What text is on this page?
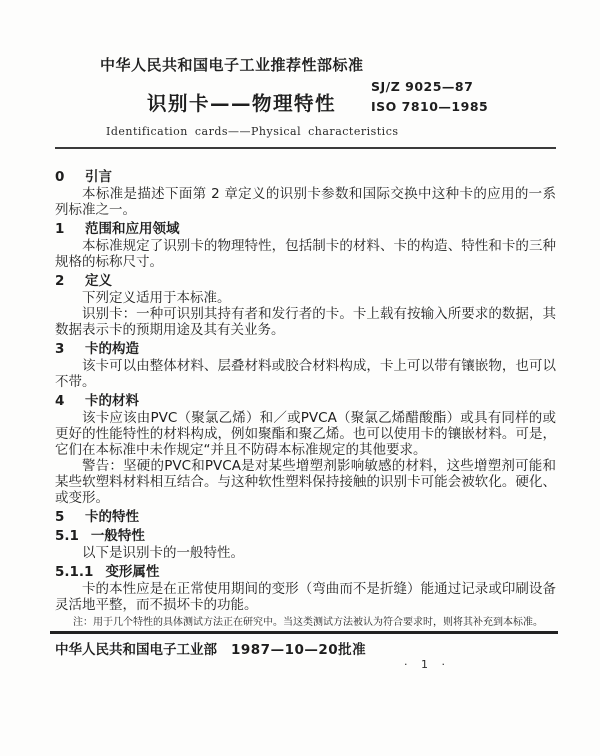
中华人民共和国电子工业推荐性部标准
识别卡——物理特性
SJ/Z 9025—87
ISO 7810—1985
Identification cards——Physical characteristics
0 引言

本标准是描述下面第 2 章定义的识别卡参数和国际交换中这种卡的应用的一系列标准之一。

1 范围和应用领域

本标准规定了识别卡的物理特性，包括制卡的材料、卡的构造、特性和卡的三种规格的标称尺寸。

2 定义

下列定义适用于本标准。

识别卡：一种可识别其持有者和发行者的卡。卡上载有按输入所要求的数据，其数据表示卡的预期用途及其有关业务。

3 卡的构造

该卡可以由整体材料、层叠材料或胶合材料构成，卡上可以带有镶嵌物，也可以不带。

4 卡的材料

该卡应该由PVC（聚氯乙烯）和／或PVCA（聚氯乙烯醋酸酯）或具有同样的或更好的性能特性的材料构成，例如聚酯和聚乙烯。也可以使用卡的镶嵌材料。可是，它们在本标准中未作规定“并且不防碍本标准规定的其他要求。

警告：坚硬的PVC和PVCA是对某些增塑剂影响敏感的材料，这些增塑剂可能和某些软塑料材料相互结合。与这种软性塑料保持接触的识别卡可能会被软化。硬化、或变形。

5 卡的特性
5.1 一般特性

以下是识别卡的一般特性。

5.1.1 变形属性

卡的本性应是在正常使用期间的变形（弯曲而不是折缝）能通过记录或印刷设备灵活地平整，而不损坏卡的功能。

注：用于几个特性的具体测试方法正在研究中。当这类测试方法被认为符合要求时，则将其补充到本标准。
中华人民共和国电子工业部 1987—10—20批准
· 1 ·
